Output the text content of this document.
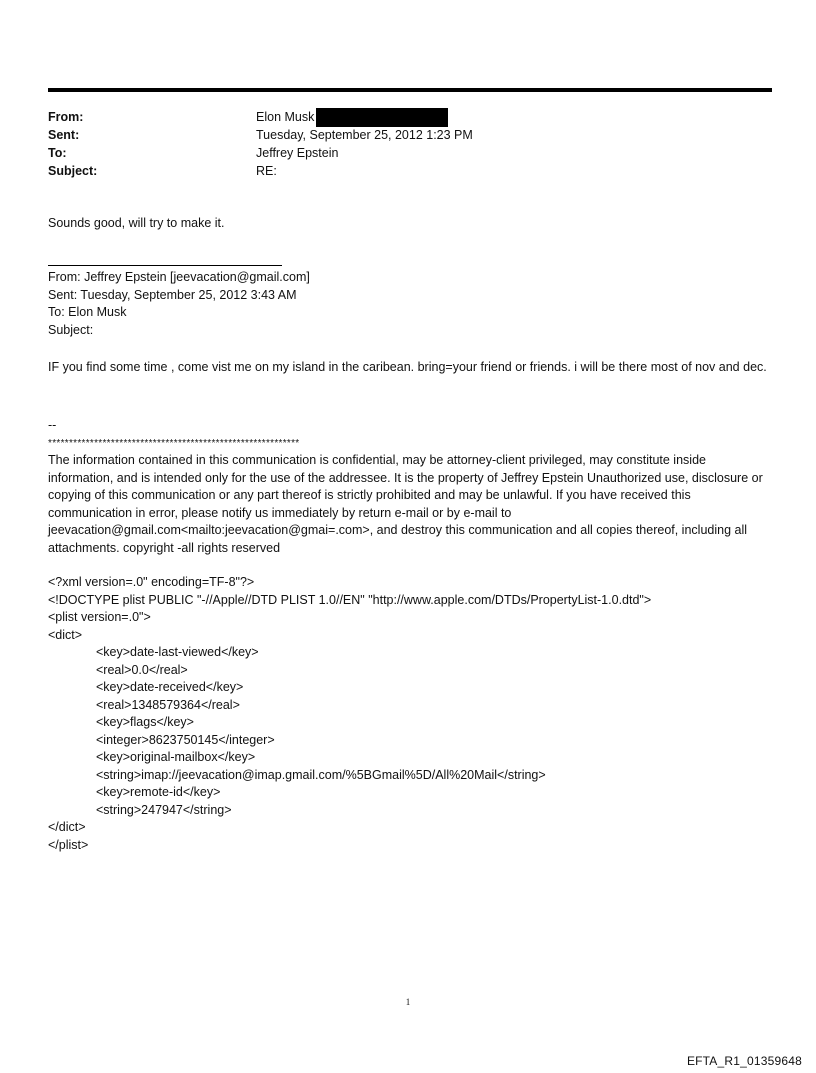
From:	Elon Musk
Sent:	Tuesday, September 25, 2012 1:23 PM
To:	Jeffrey Epstein
Subject:	RE:
Sounds good, will try to make it.

From: Jeffrey Epstein [jeevacation@gmail.com]

Sent: Tuesday, September 25, 2012 3:43 AM

To: Elon Musk

Subject:

IF you find some time , come vist me on my island in the caribean. bring=your friend or friends. i will be there most of nov and dec.

--

************************************************************

The information contained in this communication is confidential, may be attorney-client privileged, may constitute inside information, and is intended only for the use of the addressee. It is the property of Jeffrey Epstein Unauthorized use, disclosure or copying of this communication or any part thereof is strictly prohibited and may be unlawful. If you have received this communication in error, please notify us immediately by return e-mail or by e-mail to jeevacation@gmail.com<mailto:jeevacation@gmai=.com>, and destroy this communication and all copies thereof, including all attachments. copyright -all rights reserved

<?xml version=.0" encoding=TF-8"?>

<!DOCTYPE plist PUBLIC "-//Apple//DTD PLIST 1.0//EN" "http://www.apple.com/DTDs/PropertyList-1.0.dtd">

<plist version=.0">

<dict>

<key>date-last-viewed</key>

<real>0.0</real>

<key>date-received</key>

<real>1348579364</real>

<key>flags</key>

<integer>8623750145</integer>

<key>original-mailbox</key>

<string>imap://jeevacation@imap.gmail.com/%5BGmail%5D/All%20Mail</string>

<key>remote-id</key>

<string>247947</string>

</dict>

</plist>

1
EFTA_R1_01359648
